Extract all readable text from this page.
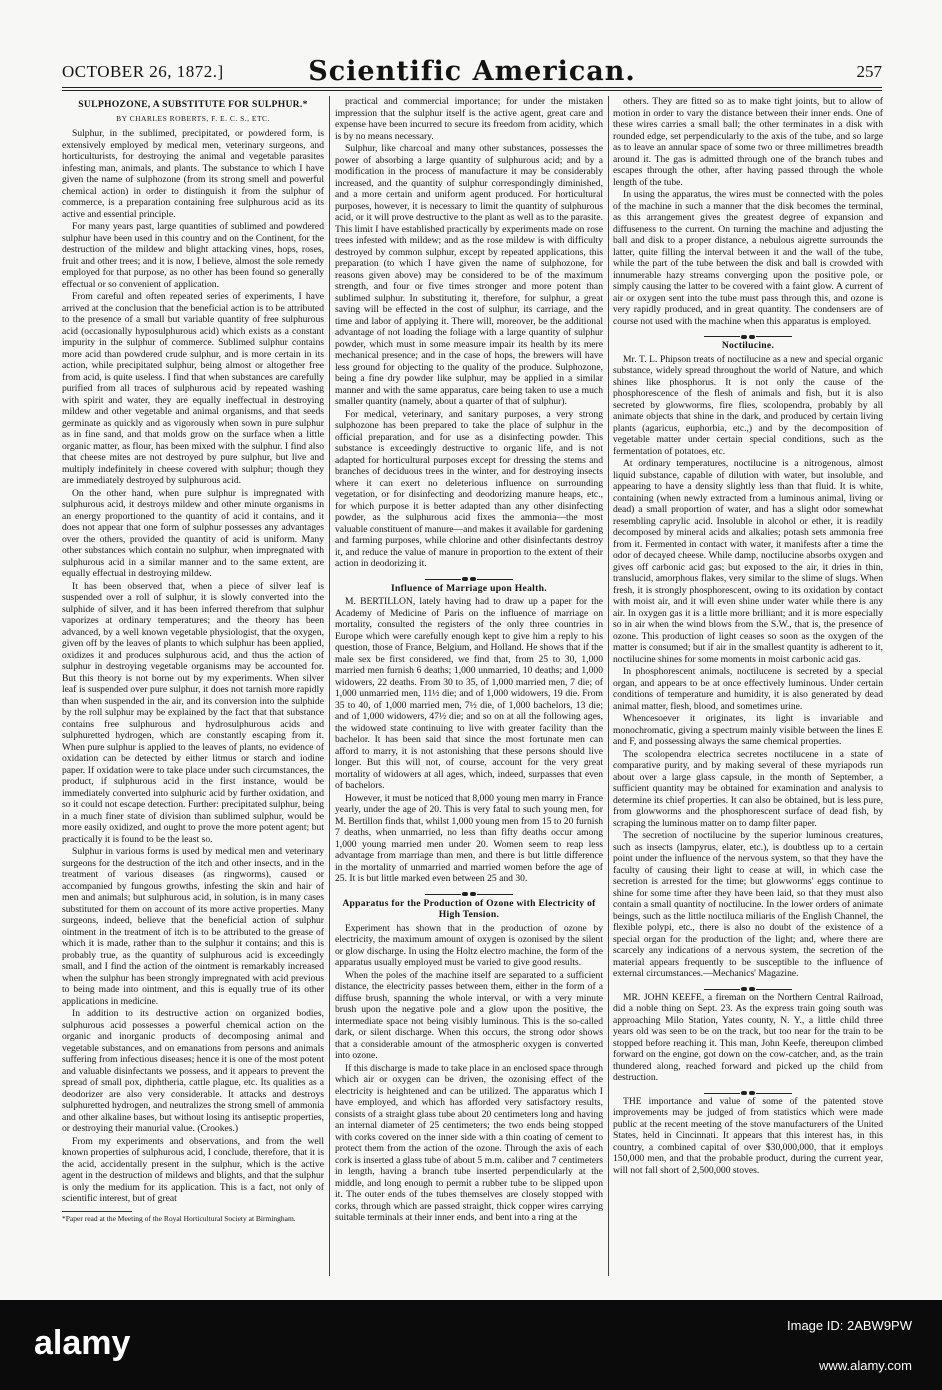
OCTOBER 26, 1872.]	Scientific American.	257
SULPHOZONE, A SUBSTITUTE FOR SULPHUR.*
BY CHARLES ROBERTS, F. E. C. S., ETC.

Sulphur, in the sublimed, precipitated, or powdered form, is extensively employed by medical men, veterinary surgeons, and horticulturists, for destroying the animal and vegetable parasites infesting man, animals, and plants. The substance to which I have given the name of sulphozone (from its strong smell and powerful chemical action) in order to distinguish it from the sulphur of commerce, is a preparation containing free sulphurous acid as its active and essential principle.

For many years past, large quantities of sublimed and powdered sulphur have been used in this country and on the Continent, for the destruction of the mildew and blight attacking vines, hops, roses, fruit and other trees; and it is now, I believe, almost the sole remedy employed for that purpose, as no other has been found so generally effectual or so convenient of application.

From careful and often repeated series of experiments, I have arrived at the conclusion that the beneficial action is to be attributed to the presence of a small but variable quantity of free sulphurous acid (occasionally hyposulphurous acid) which exists as a constant impurity in the sulphur of commerce. Sublimed sulphur contains more acid than powdered crude sulphur, and is more certain in its action, while precipitated sulphur, being almost or altogether free from acid, is quite useless. I find that when substances are carefully purified from all traces of sulphurous acid by repeated washing with spirit and water, they are equally ineffectual in destroying mildew and other vegetable and animal organisms, and that seeds germinate as quickly and as vigorously when sown in pure sulphur as in fine sand, and that molds grow on the surface when a little organic matter, as flour, has been mixed with the sulphur. I find also that cheese mites are not destroyed by pure sulphur, but live and multiply indefinitely in cheese covered with sulphur; though they are immediately destroyed by sulphurous acid.

On the other hand, when pure sulphur is impregnated with sulphurous acid, it destroys mildew and other minute organisms in an energy proportioned to the quantity of acid it contains, and it does not appear that one form of sulphur possesses any advantages over the others, provided the quantity of acid is uniform. Many other substances which contain no sulphur, when impregnated with sulphurous acid in a similar manner and to the same extent, are equally effectual in destroying mildew.

It has been observed that, when a piece of silver leaf is suspended over a roll of sulphur, it is slowly converted into the sulphide of silver, and it has been inferred therefrom that sulphur vaporizes at ordinary temperatures; and the theory has been advanced, by a well known vegetable physiologist, that the oxygen, given off by the leaves of plants to which sulphur has been applied, oxidizes it and produces sulphurous acid, and thus the action of sulphur in destroying vegetable organisms may be accounted for. But this theory is not borne out by my experiments. When silver leaf is suspended over pure sulphur, it does not tarnish more rapidly than when suspended in the air, and its conversion into the sulphide by the roll sulphur may be explained by the fact that that substance contains free sulphurous and hydrosulphurous acids and sulphuretted hydrogen, which are constantly escaping from it. When pure sulphur is applied to the leaves of plants, no evidence of oxidation can be detected by either litmus or starch and iodine paper. If oxidation were to take place under such circumstances, the product, if sulphurous acid in the first instance, would be immediately converted into sulphuric acid by further oxidation, and so it could not escape detection. Further: precipitated sulphur, being in a much finer state of division than sublimed sulphur, would be more easily oxidized, and ought to prove the more potent agent; but practically it is found to be the least so.

Sulphur in various forms is used by medical men and veterinary surgeons for the destruction of the itch and other insects, and in the treatment of various diseases (as ringworms), caused or accompanied by fungous growths, infesting the skin and hair of men and animals; but sulphurous acid, in solution, is in many cases substituted for them on account of its more active properties. Many surgeons, indeed, believe that the beneficial action of sulphur ointment in the treatment of itch is to be attributed to the grease of which it is made, rather than to the sulphur it contains; and this is probably true, as the quantity of sulphurous acid is exceedingly small, and I find the action of the ointment is remarkably increased when the sulphur has been strongly impregnated with acid previous to being made into ointment, and this is equally true of its other applications in medicine.

In addition to its destructive action on organized bodies, sulphurous acid possesses a powerful chemical action on the organic and inorganic products of decomposing animal and vegetable substances, and on emanations from persons and animals suffering from infectious diseases; hence it is one of the most potent and valuable disinfectants we possess, and it appears to prevent the spread of small pox, diphtheria, cattle plague, etc. Its qualities as a deodorizer are also very considerable. It attacks and destroys sulphuretted hydrogen, and neutralizes the strong smell of ammonia and other alkaline bases, but without losing its antiseptic properties, or destroying their manurial value. (Crookes.)

From my experiments and observations, and from the well known properties of sulphurous acid, I conclude, therefore, that it is the acid, accidentally present in the sulphur, which is the active agent in the destruction of mildews and blights, and that the sulphur is only the medium for its application. This is a fact, not only of scientific interest, but of great

*Paper read at the Meeting of the Royal Horticultural Society at Birmingham.

practical and commercial importance; for under the mistaken impression that the sulphur itself is the active agent, great care and expense have been incurred to secure its freedom from acidity, which is by no means necessary.

Sulphur, like charcoal and many other substances, possesses the power of absorbing a large quantity of sulphurous acid; and by a modification in the process of manufacture it may be considerably increased, and the quantity of sulphur correspondingly diminished, and a more certain and uniform agent produced. For horticultural purposes, however, it is necessary to limit the quantity of sulphurous acid, or it will prove destructive to the plant as well as to the parasite. This limit I have established practically by experiments made on rose trees infested with mildew; and as the rose mildew is with difficulty destroyed by common sulphur, except by repeated applications, this preparation (to which I have given the name of sulphozone, for reasons given above) may be considered to be of the maximum strength, and four or five times stronger and more potent than sublimed sulphur. In substituting it, therefore, for sulphur, a great saving will be effected in the cost of sulphur, its carriage, and the time and labor of applying it. There will, moreover, be the additional advantage of not loading the foliage with a large quantity of sulphur powder, which must in some measure impair its health by its mere mechanical presence; and in the case of hops, the brewers will have less ground for objecting to the quality of the produce. Sulphozone, being a fine dry powder like sulphur, may be applied in a similar manner and with the same apparatus, care being taken to use a much smaller quantity (namely, about a quarter of that of sulphur).

For medical, veterinary, and sanitary purposes, a very strong sulphozone has been prepared to take the place of sulphur in the official preparation, and for use as a disinfecting powder. This substance is exceedingly destructive to organic life, and is not adapted for horticultural purposes except for dressing the stems and branches of deciduous trees in the winter, and for destroying insects where it can exert no deleterious influence on surrounding vegetation, or for disinfecting and deodorizing manure heaps, etc., for which purpose it is better adapted than any other disinfecting powder, as the sulphurous acid fixes the ammonia—the most valuable constituent of manure—and makes it available for gardening and farming purposes, while chlorine and other disinfectants destroy it, and reduce the value of manure in proportion to the extent of their action in deodorizing it.

Influence of Marriage upon Health.

M. BERTILLON, lately having had to draw up a paper for the Academy of Medicine of Paris on the influence of marriage on mortality, consulted the registers of the only three countries in Europe which were carefully enough kept to give him a reply to his question, those of France, Belgium, and Holland. He shows that if the male sex be first considered, we find that, from 25 to 30, 1,000 married men furnish 6 deaths; 1,000 unmarried, 10 deaths; and 1,000 widowers, 22 deaths. From 30 to 35, of 1,000 married men, 7 die; of 1,000 unmarried men, 11½ die; and of 1,000 widowers, 19 die. From 35 to 40, of 1,000 married men, 7½ die, of 1,000 bachelors, 13 die; and of 1,000 widowers, 47½ die; and so on at all the following ages, the widowed state continuing to live with greater facility than the bachelor. It has been said that since the most fortunate men can afford to marry, it is not astonishing that these persons should live longer. But this will not, of course, account for the very great mortality of widowers at all ages, which, indeed, surpasses that even of bachelors.

However, it must be noticed that 8,000 young men marry in France yearly, under the age of 20. This is very fatal to such young men, for M. Bertillon finds that, whilst 1,000 young men from 15 to 20 furnish 7 deaths, when unmarried, no less than fifty deaths occur among 1,000 young married men under 20. Women seem to reap less advantage from marriage than men, and there is but little difference in the mortality of unmarried and married women before the age of 25. It is but little marked even between 25 and 30.

Apparatus for the Production of Ozone with Electricity of High Tension.

Experiment has shown that in the production of ozone by electricity, the maximum amount of oxygen is ozonised by the silent or glow discharge. In using the Holtz electro machine, the form of the apparatus usually employed must be varied to give good results.

When the poles of the machine itself are separated to a sufficient distance, the electricity passes between them, either in the form of a diffuse brush, spanning the whole interval, or with a very minute brush upon the negative pole and a glow upon the positive, the intermediate space not being visibly luminous. This is the so-called dark, or silent discharge. When this occurs, the strong odor shows that a considerable amount of the atmospheric oxygen is converted into ozone.

If this discharge is made to take place in an enclosed space through which air or oxygen can be driven, the ozonising effect of the electricity is heightened and can be utilized. The apparatus which I have employed, and which has afforded very satisfactory results, consists of a straight glass tube about 20 centimeters long and having an internal diameter of 25 centimeters; the two ends being stopped with corks covered on the inner side with a thin coating of cement to protect them from the action of the ozone. Through the axis of each cork is inserted a glass tube of about 5 m.m. caliber and 7 centimeters in length, having a branch tube inserted perpendicularly at the middle, and long enough to permit a rubber tube to be slipped upon it. The outer ends of the tubes themselves are closely stopped with corks, through which are passed straight, thick copper wires carrying suitable terminals at their inner ends, and bent into a ring at the

others. They are fitted so as to make tight joints, but to allow of motion in order to vary the distance between their inner ends. One of these wires carries a small ball; the other terminates in a disk with rounded edge, set perpendicularly to the axis of the tube, and so large as to leave an annular space of some two or three millimetres breadth around it. The gas is admitted through one of the branch tubes and escapes through the other, after having passed through the whole length of the tube.

In using the apparatus, the wires must be connected with the poles of the machine in such a manner that the disk becomes the terminal, as this arrangement gives the greatest degree of expansion and diffuseness to the current. On turning the machine and adjusting the ball and disk to a proper distance, a nebulous aigrette surrounds the latter, quite filling the interval between it and the wall of the tube, while the part of the tube between the disk and ball is crowded with innumerable hazy streams converging upon the positive pole, or simply causing the latter to be covered with a faint glow. A current of air or oxygen sent into the tube must pass through this, and ozone is very rapidly produced, and in great quantity. The condensers are of course not used with the machine when this apparatus is employed.

Noctilucine.

Mr. T. L. Phipson treats of noctilucine as a new and special organic substance, widely spread throughout the world of Nature, and which shines like phosphorus. It is not only the cause of the phosphorescence of the flesh of animals and fish, but it is also secreted by glowworms, fire flies, scolopendra, probably by all animate objects that shine in the dark, and produced by certain living plants (agaricus, euphorbia, etc.,) and by the decomposition of vegetable matter under certain special conditions, such as the fermentation of potatoes, etc.

At ordinary temperatures, noctilucine is a nitrogenous, almost liquid substance, capable of dilution with water, but insoluble, and appearing to have a density slightly less than that fluid. It is white, containing (when newly extracted from a luminous animal, living or dead) a small proportion of water, and has a slight odor somewhat resembling caprylic acid. Insoluble in alcohol or ether, it is readily decomposed by mineral acids and alkalies; potash sets ammonia free from it. Fermented in contact with water, it manifests after a time the odor of decayed cheese. While damp, noctilucine absorbs oxygen and gives off carbonic acid gas; but exposed to the air, it dries in thin, translucid, amorphous flakes, very similar to the slime of slugs. When fresh, it is strongly phosphorescent, owing to its oxidation by contact with moist air, and it will even shine under water while there is any air. In oxygen gas it is a little more brilliant; and it is more especially so in air when the wind blows from the S.W., that is, the presence of ozone. This production of light ceases so soon as the oxygen of the matter is consumed; but if air in the smallest quantity is adherent to it, noctilucine shines for some moments in moist carbonic acid gas.

In phosphorescent animals, noctilucene is secreted by a special organ, and appears to be at once effectively luminous. Under certain conditions of temperature and humidity, it is also generated by dead animal matter, flesh, blood, and sometimes urine.

Whencesoever it originates, its light is invariable and monochromatic, giving a spectrum mainly visible between the lines E and F, and possessing always the same chemical properties.

The scolopendra electrica secretes noctilucene in a state of comparative purity, and by making several of these myriapods run about over a large glass capsule, in the month of September, a sufficient quantity may be obtained for examination and analysis to determine its chief properties. It can also be obtained, but is less pure, from glowworms and the phosphorescent surface of dead fish, by scraping the luminous matter on to damp filter paper.

The secretion of noctilucine by the superior luminous creatures, such as insects (lampyrus, elater, etc.), is doubtless up to a certain point under the influence of the nervous system, so that they have the faculty of causing their light to cease at will, in which case the secretion is arrested for the time; but glowworms' eggs continue to shine for some time after they have been laid, so that they must also contain a small quantity of noctilucine. In the lower orders of animate beings, such as the little noctiluca miliaris of the English Channel, the flexible polypi, etc., there is also no doubt of the existence of a special organ for the production of the light; and, where there are scarcely any indications of a nervous system, the secretion of the material appears frequently to be susceptible to the influence of external circumstances.—Mechanics' Magazine.

MR. JOHN KEEFE, a fireman on the Northern Central Railroad, did a noble thing on Sept. 23. As the express train going south was approaching Milo Station, Yates county, N. Y., a little child three years old was seen to be on the track, but too near for the train to be stopped before reaching it. This man, John Keefe, thereupon climbed forward on the engine, got down on the cow-catcher, and, as the train thundered along, reached forward and picked up the child from destruction.

THE importance and value of some of the patented stove improvements may be judged of from statistics which were made public at the recent meeting of the stove manufacturers of the United States, held in Cincinnati. It appears that this interest has, in this country, a combined capital of over $30,000,000, that it employs 150,000 men, and that the probable product, during the current year, will not fall short of 2,500,000 stoves.

alamy	Image ID: 2ABW9PW
www.alamy.com
